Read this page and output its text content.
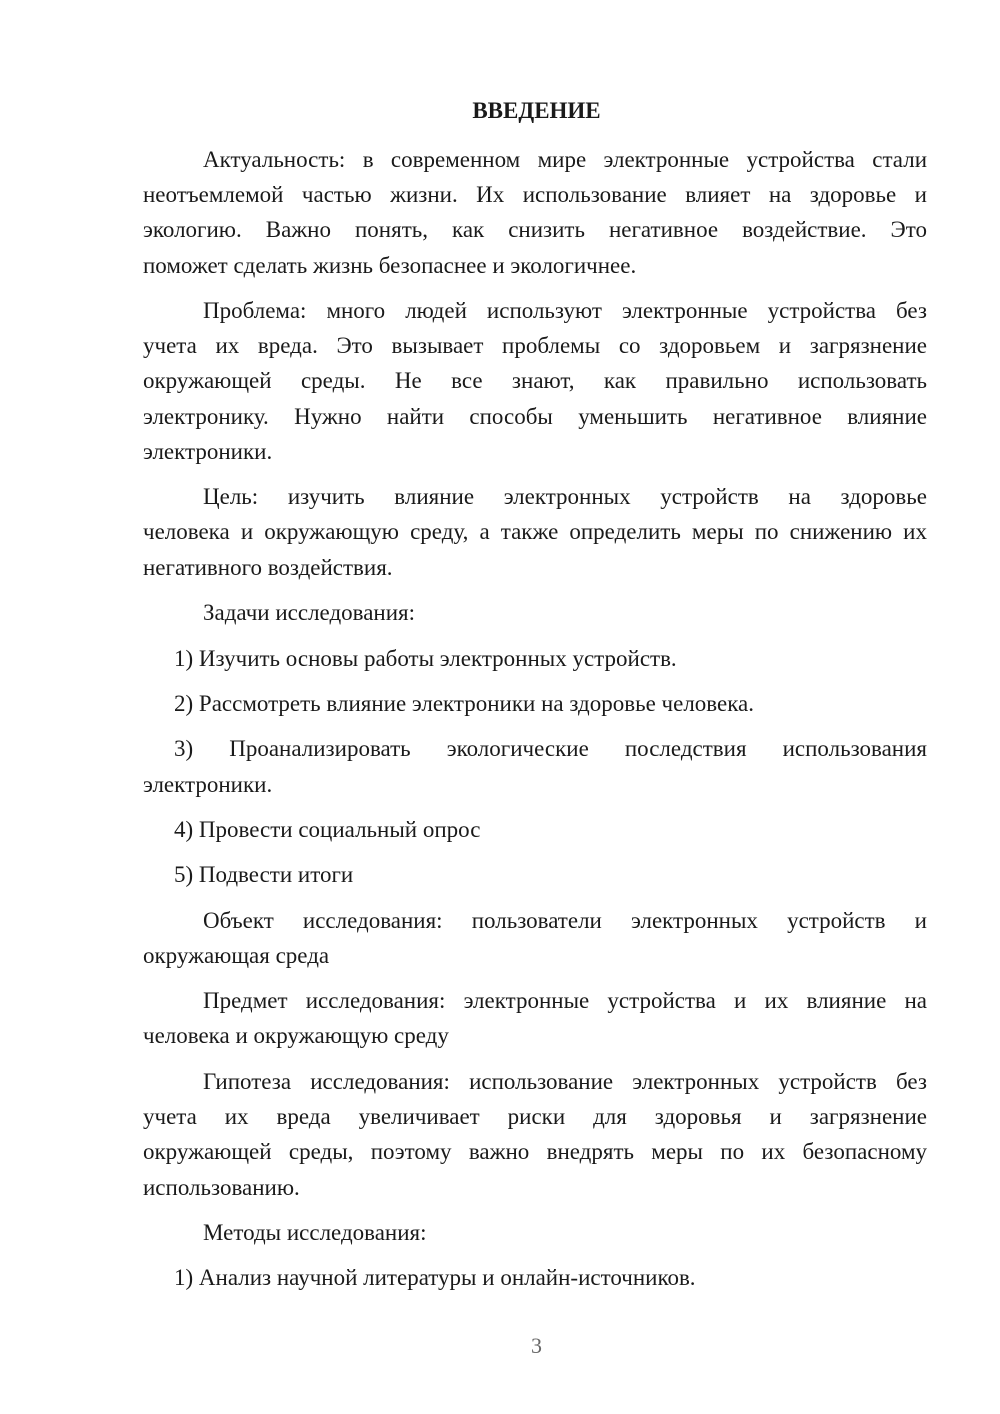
ВВЕДЕНИЕ

Актуальность: в современном мире электронные устройства стали

неотъемлемой частью жизни. Их использование влияет на здоровье и

экологию. Важно понять, как снизить негативное воздействие. Это

поможет сделать жизнь безопаснее и экологичнее.

Проблема: много людей используют электронные устройства без

учета их вреда. Это вызывает проблемы со здоровьем и загрязнение

окружающей среды. Не все знают, как правильно использовать

электронику. Нужно найти способы уменьшить негативное влияние

электроники.

Цель: изучить влияние электронных устройств на здоровье

человека и окружающую среду, а также определить меры по снижению их

негативного воздействия.

Задачи исследования:

1) Изучить основы работы электронных устройств.

2) Рассмотреть влияние электроники на здоровье человека.

3) Проанализировать экологические последствия использования

электроники.

4) Провести социальный опрос

5) Подвести итоги

Объект исследования: пользователи электронных устройств и

окружающая среда

Предмет исследования: электронные устройства и их влияние на

человека и окружающую среду

Гипотеза исследования: использование электронных устройств без

учета их вреда увеличивает риски для здоровья и загрязнение

окружающей среды, поэтому важно внедрять меры по их безопасному

использованию.

Методы исследования:

1) Анализ научной литературы и онлайн-источников.

3
